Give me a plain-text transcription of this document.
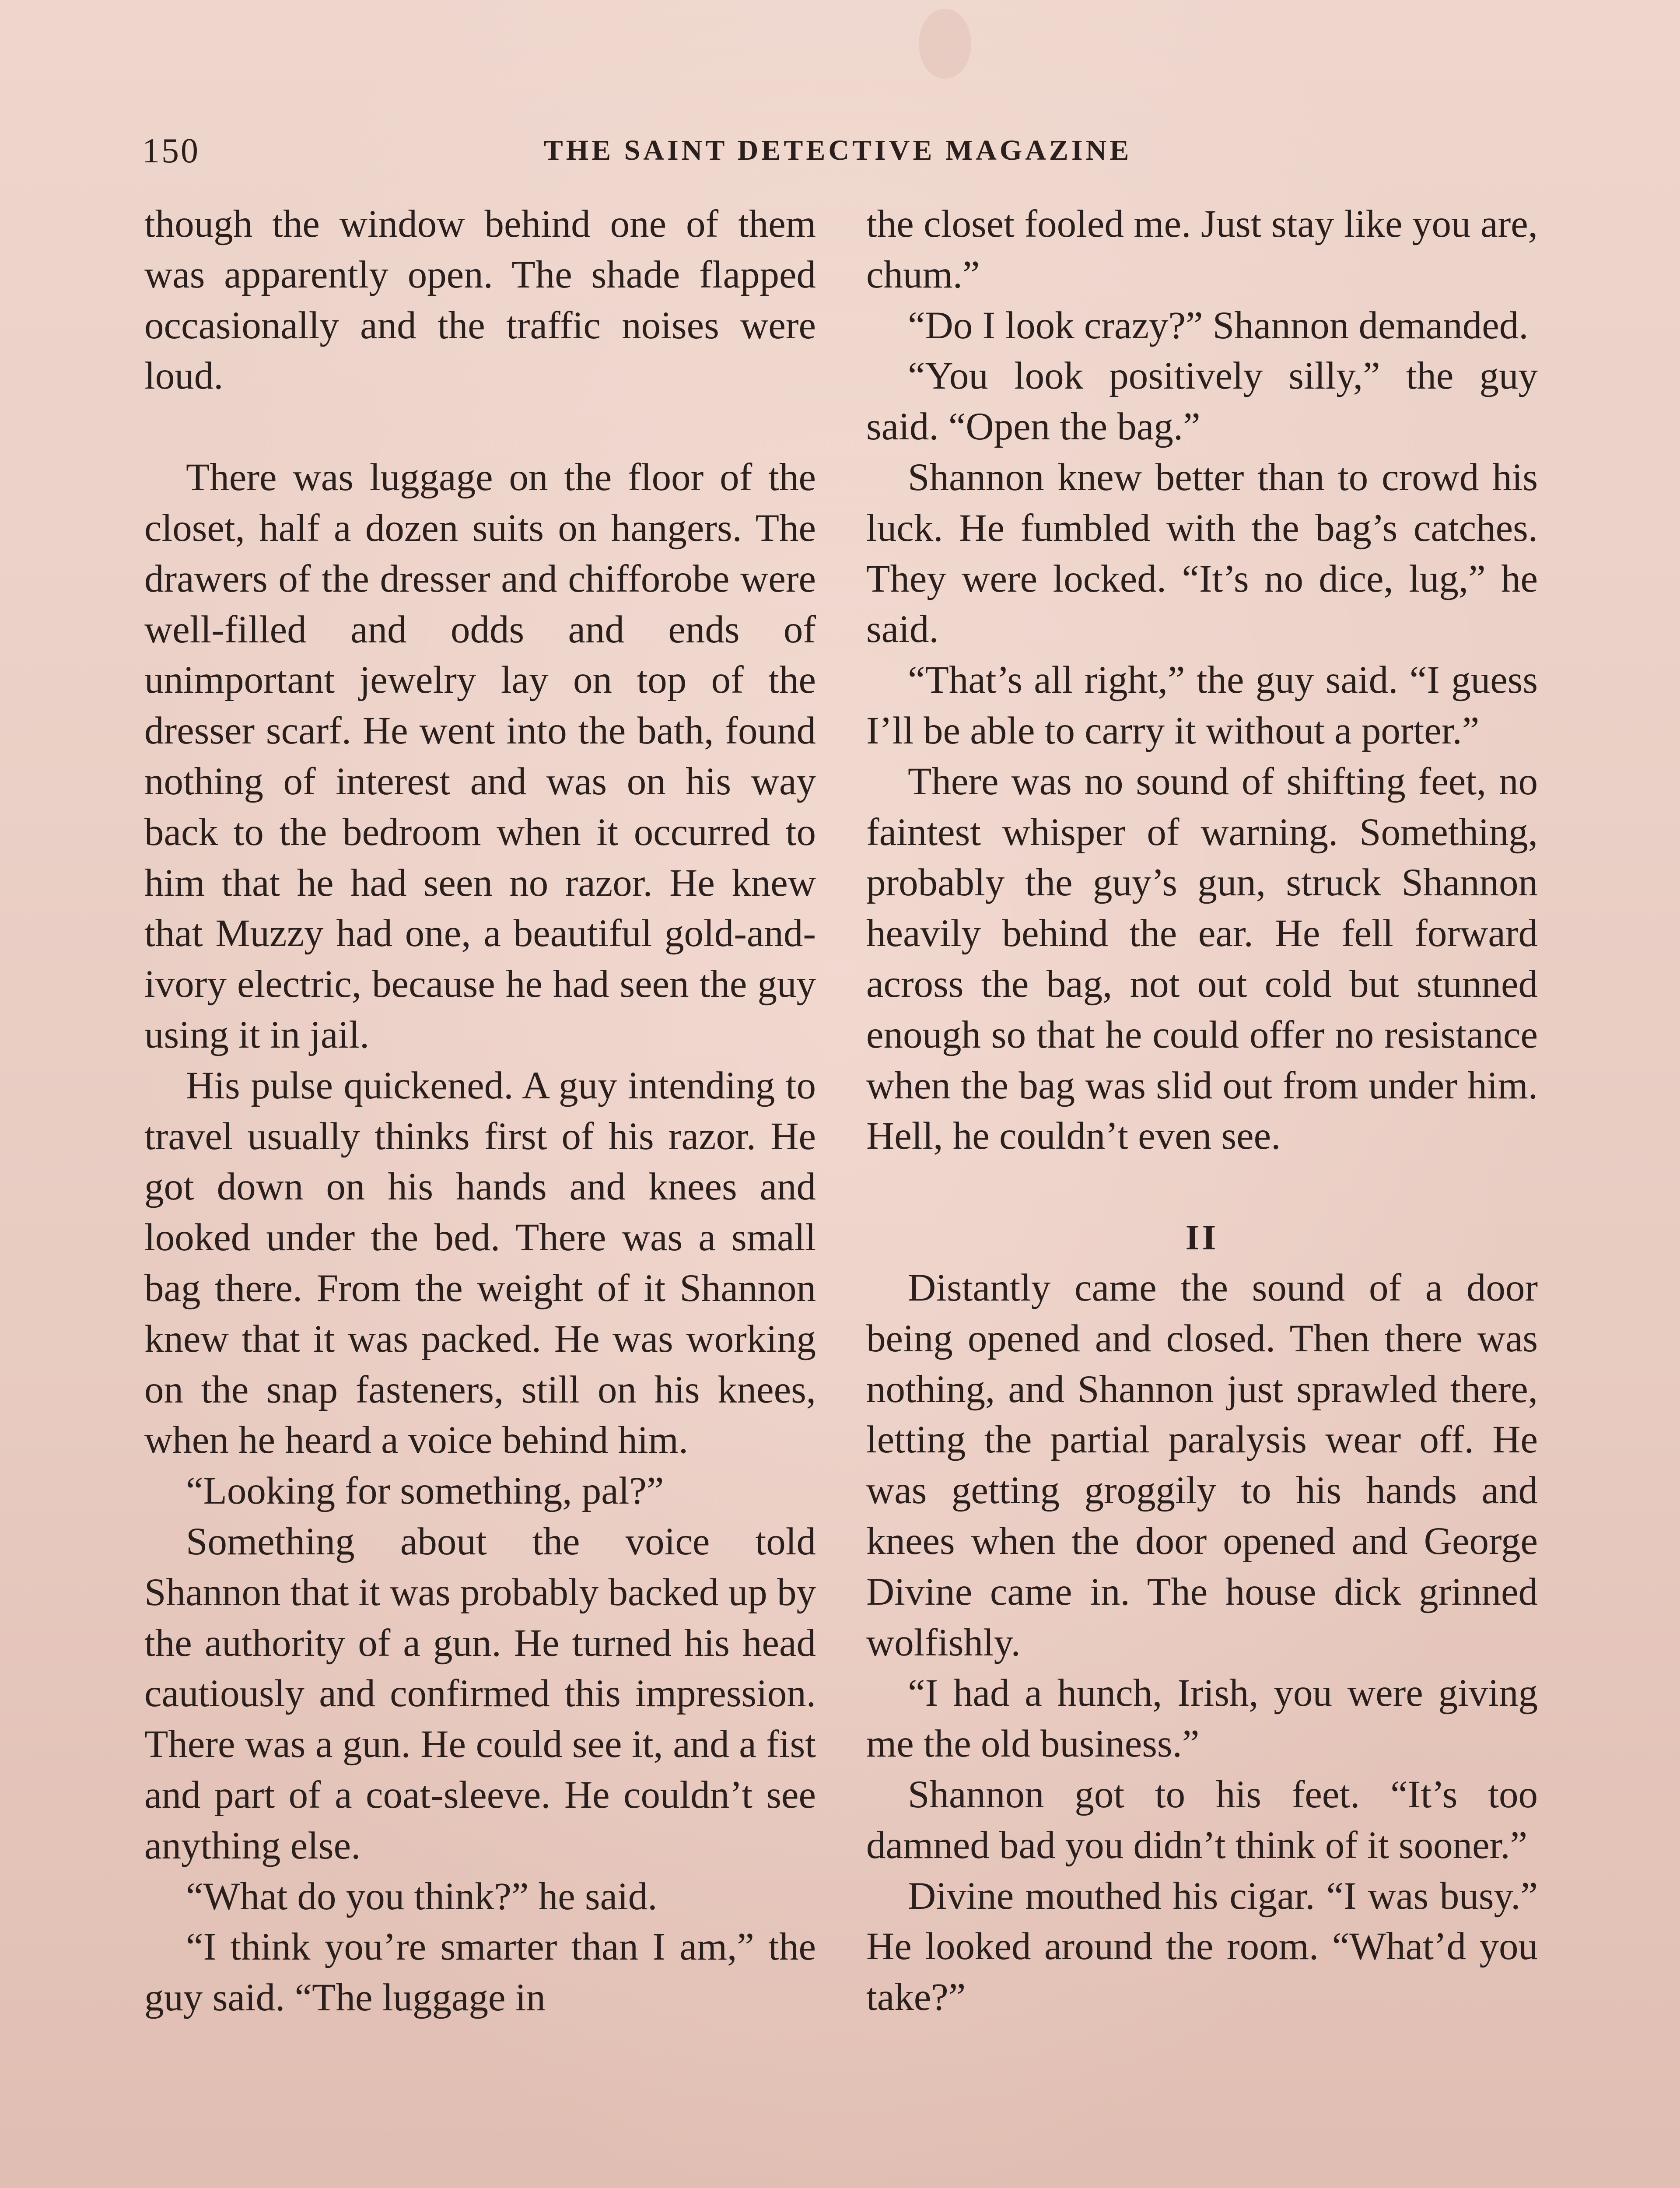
150	THE SAINT DETECTIVE MAGAZINE

though the window behind one of them was apparently open. The shade flapped occasionally and the traffic noises were loud.

There was luggage on the floor of the closet, half a dozen suits on hangers. The drawers of the dresser and chifforobe were well-filled and odds and ends of unimportant jewelry lay on top of the dresser scarf. He went into the bath, found nothing of interest and was on his way back to the bedroom when it occurred to him that he had seen no razor. He knew that Muzzy had one, a beautiful gold-and-ivory electric, because he had seen the guy using it in jail.

His pulse quickened. A guy intending to travel usually thinks first of his razor. He got down on his hands and knees and looked under the bed. There was a small bag there. From the weight of it Shannon knew that it was packed. He was working on the snap fasteners, still on his knees, when he heard a voice behind him.

“Looking for something, pal?”

Something about the voice told Shannon that it was probably backed up by the authority of a gun. He turned his head cautiously and confirmed this impression. There was a gun. He could see it, and a fist and part of a coat-sleeve. He couldn’t see anything else.

“What do you think?” he said.

“I think you’re smarter than I am,” the guy said. “The luggage in

the closet fooled me. Just stay like you are, chum.”

“Do I look crazy?” Shannon demanded.

“You look positively silly,” the guy said. “Open the bag.”

Shannon knew better than to crowd his luck. He fumbled with the bag’s catches. They were locked. “It’s no dice, lug,” he said.

“That’s all right,” the guy said. “I guess I’ll be able to carry it without a porter.”

There was no sound of shifting feet, no faintest whisper of warning. Something, probably the guy’s gun, struck Shannon heavily behind the ear. He fell forward across the bag, not out cold but stunned enough so that he could offer no resistance when the bag was slid out from under him. Hell, he couldn’t even see.

II

Distantly came the sound of a door being opened and closed. Then there was nothing, and Shannon just sprawled there, letting the partial paralysis wear off. He was getting groggily to his hands and knees when the door opened and George Divine came in. The house dick grinned wolfishly.

“I had a hunch, Irish, you were giving me the old business.”

Shannon got to his feet. “It’s too damned bad you didn’t think of it sooner.”

Divine mouthed his cigar. “I was busy.” He looked around the room. “What’d you take?”
